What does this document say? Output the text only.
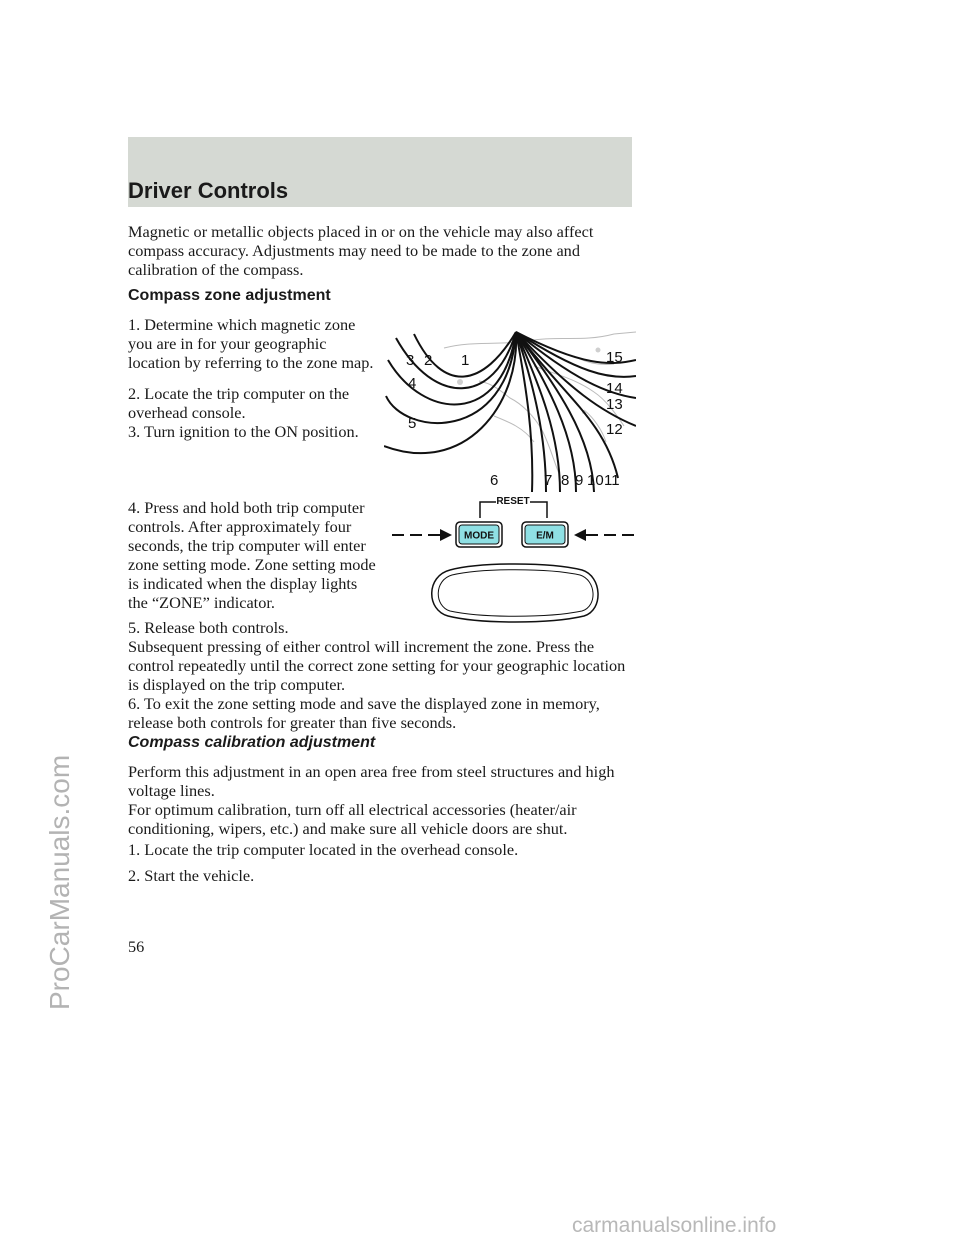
Driver Controls

Magnetic or metallic objects placed in or on the vehicle may also affect compass accuracy. Adjustments may need to be made to the zone and calibration of the compass.

Compass zone adjustment

1. Determine which magnetic zone you are in for your geographic location by referring to the zone map.

2. Locate the trip computer on the overhead console.

3. Turn ignition to the ON position.

4. Press and hold both trip computer controls. After approximately four seconds, the trip computer will enter zone setting mode. Zone setting mode is indicated when the display lights the “ZONE” indicator.

5. Release both controls.

Subsequent pressing of either control will increment the zone. Press the control repeatedly until the correct zone setting for your geographic location is displayed on the trip computer.

6. To exit the zone setting mode and save the displayed zone in memory, release both controls for greater than five seconds.

Compass calibration adjustment

Perform this adjustment in an open area free from steel structures and high voltage lines.

For optimum calibration, turn off all electrical accessories (heater/air conditioning, wipers, etc.) and make sure all vehicle doors are shut.

1. Locate the trip computer located in the overhead console.

2. Start the vehicle.

56

1
2
3
4
5
6	7 8 9 10 11
12
13
14
15
RESET
MODE	E/M
ProCarManuals.com
carmanualsonline.info
